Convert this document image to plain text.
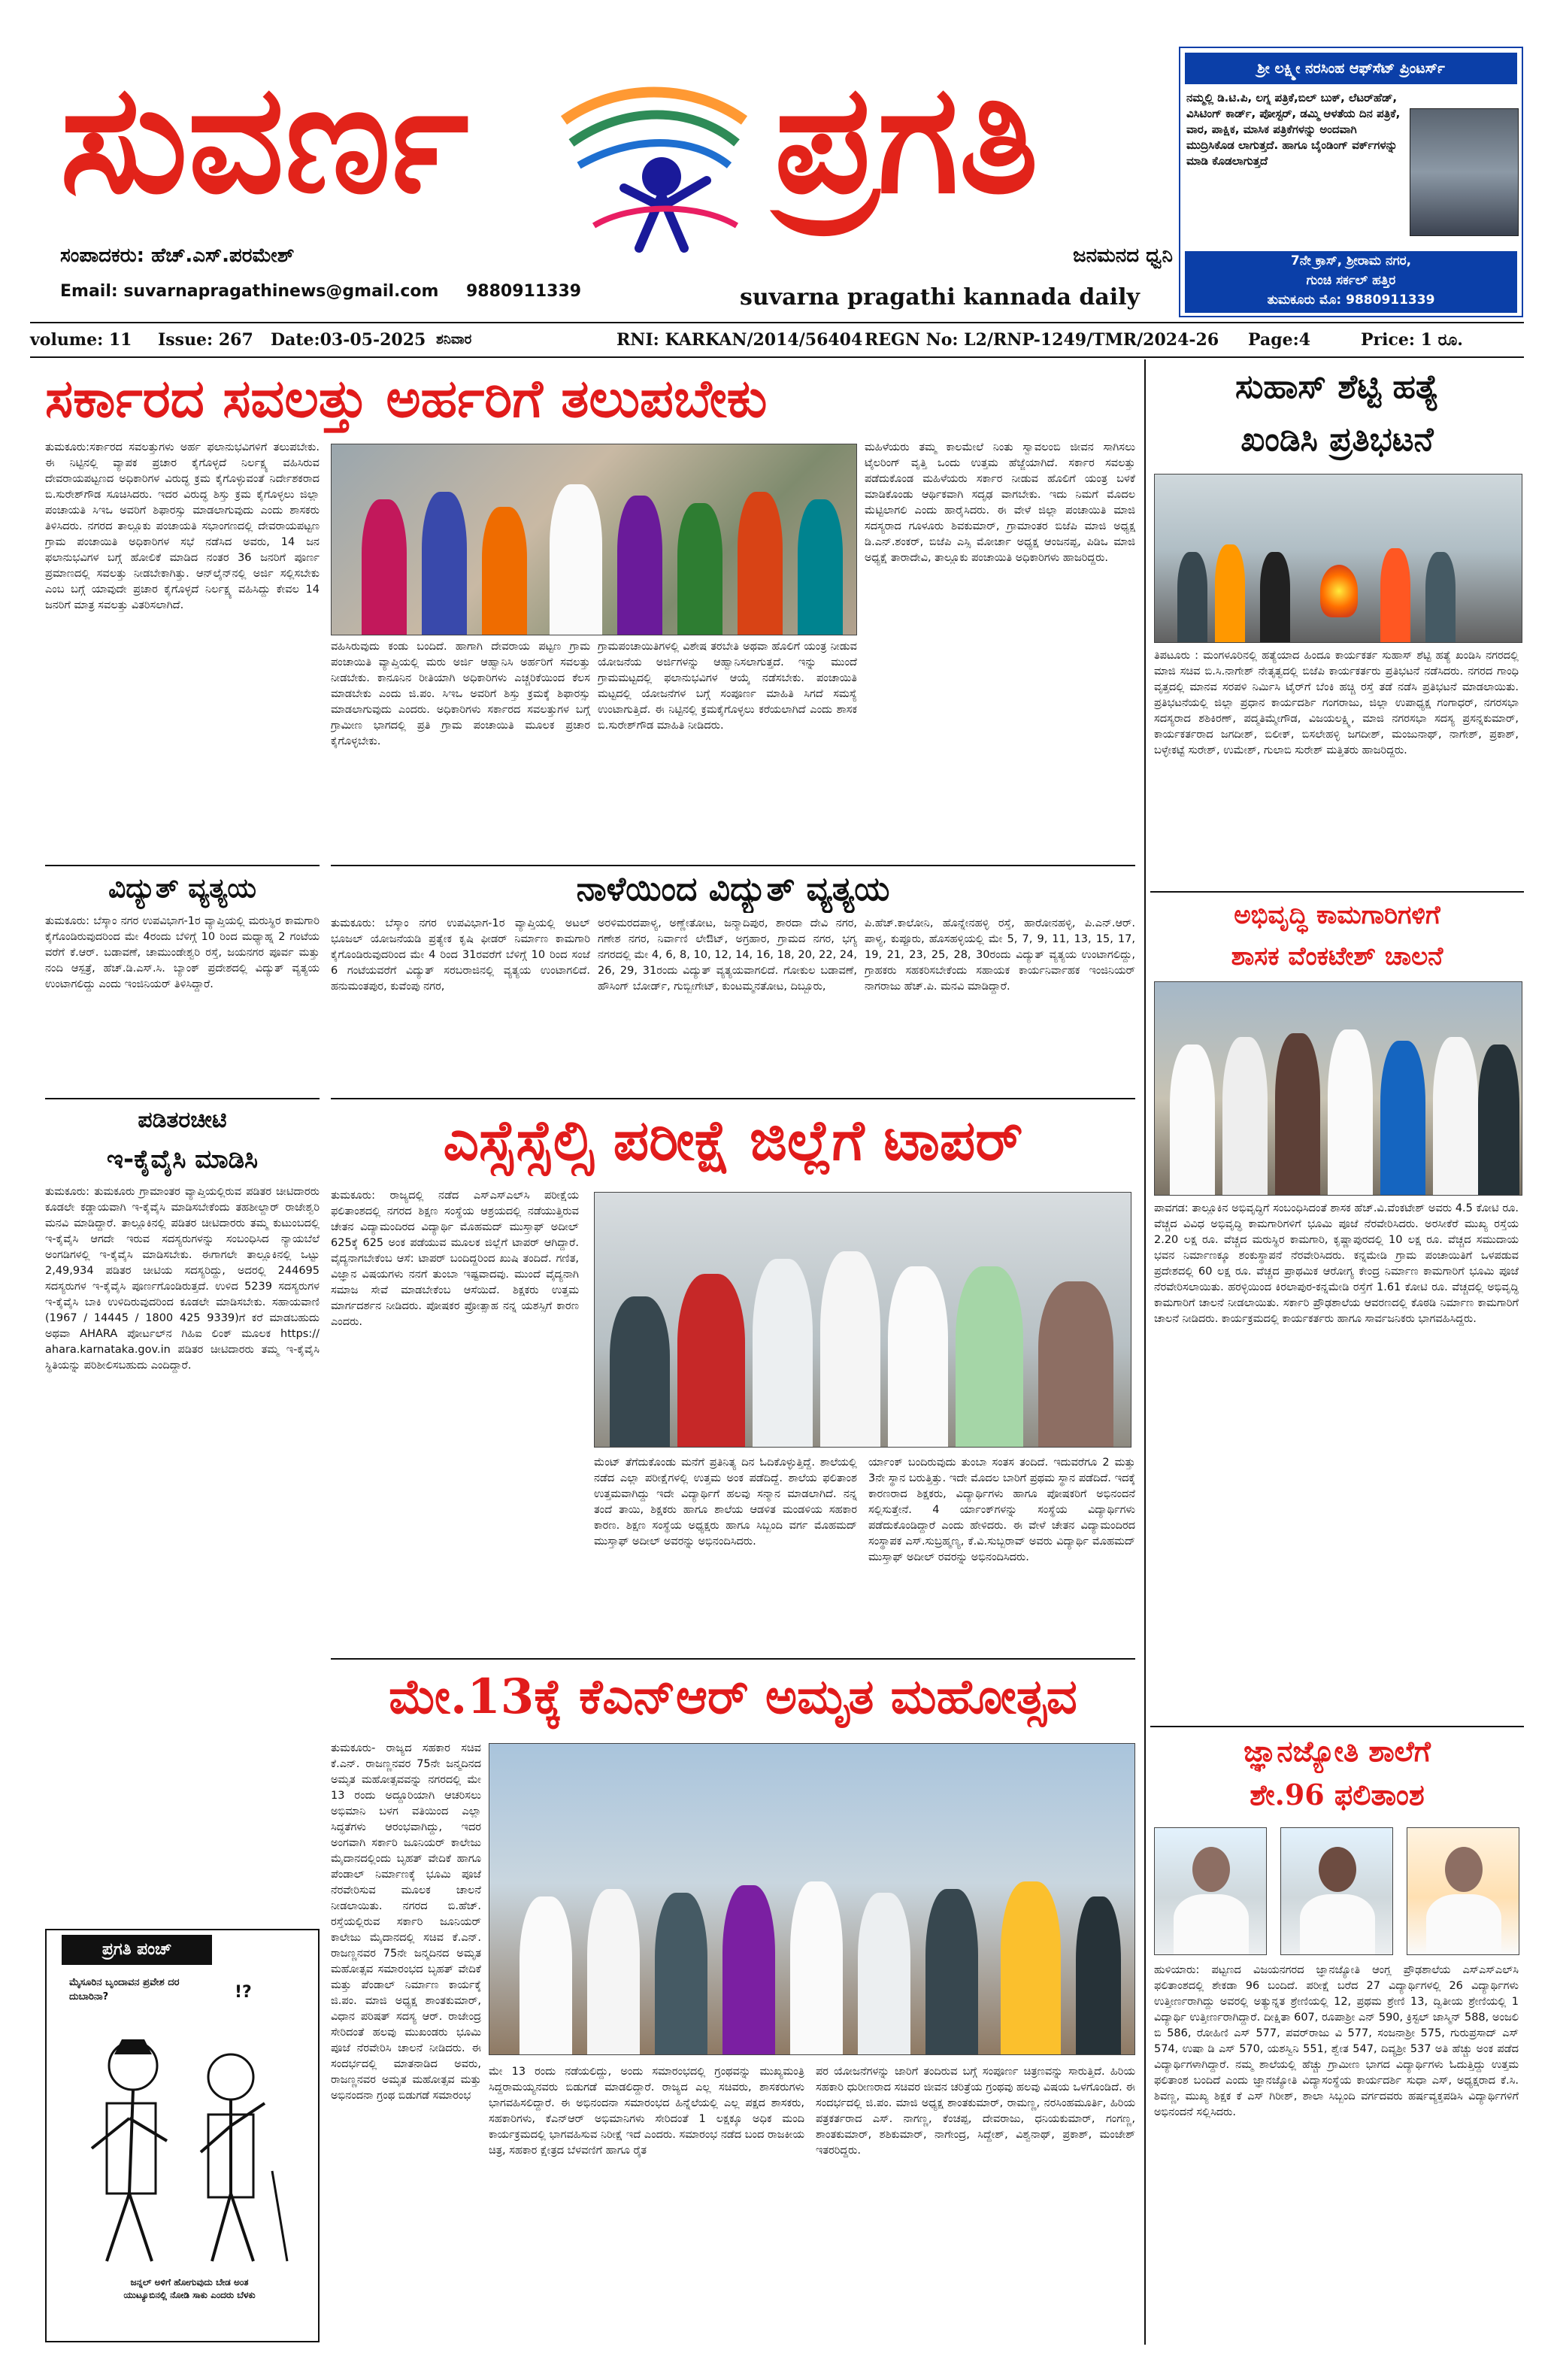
ಸುವರ್ಣ	ಪ್ರಗತಿ
ಸಂಪಾದಕರು: ಹೆಚ್.ಎಸ್.ಪರಮೇಶ್	ಜನಮನದ ಧ್ವನಿ
Email: suvarnapragathinews@gmail.com	9880911339	suvarna pragathi kannada daily
ಶ್ರೀ ಲಕ್ಷ್ಮೀ ನರಸಿಂಹ ಆಫ್‌ಸೆಟ್ ಪ್ರಿಂಟರ್ಸ್
ನಮ್ಮಲ್ಲಿ ಡಿ.ಟಿ.ಪಿ, ಲಗ್ನ ಪತ್ರಿಕೆ,ಬಿಲ್ ಬುಕ್, ಲೆಟರ್‌ಹೆಡ್, ವಿಸಿಟಿಂಗ್ ಕಾರ್ಡ್, ಪೋಸ್ಟರ್, ಡಮ್ಮಿ ಆಳತೆಯ ದಿನ ಪತ್ರಿಕೆ, ವಾರ, ಪಾಕ್ಷಿಕ, ಮಾಸಿಕ ಪತ್ರಿಕೆಗಳನ್ನು ಅಂದವಾಗಿ ಮುದ್ರಿಸಿಕೊಡ ಲಾಗುತ್ತದೆ. ಹಾಗೂ ಬೈಂಡಿಂಗ್ ವರ್ಕ್‌ಗಳನ್ನು ಮಾಡಿ ಕೊಡಲಾಗುತ್ತದೆ
7ನೇ ಕ್ರಾಸ್, ಶ್ರೀರಾಮ ನಗರ,
ಗುಂಚಿ ಸರ್ಕಲ್ ಹತ್ತಿರ
ತುಮಕೂರು ಮೊ: 9880911339
volume: 11 Issue: 267 Date:03-05-2025 ಶನಿವಾರ	RNI: KARKAN/2014/56404 REGN No: L2/RNP-1249/TMR/2024-26 Page:4	Price: 1 ರೂ.
ಸರ್ಕಾರದ ಸವಲತ್ತು ಅರ್ಹರಿಗೆ ತಲುಪಬೇಕು
ತುಮಕೂರು:ಸರ್ಕಾರದ ಸವಲತ್ತುಗಳು ಅರ್ಹ ಫಲಾನುಭವಿಗಳಿಗೆ ತಲುಪಬೇಕು. ಈ ನಿಟ್ಟಿನಲ್ಲಿ ವ್ಯಾಪಕ ಪ್ರಚಾರ ಕೈಗೊಳ್ಳದೆ ನಿರ್ಲಕ್ಷ್ಯ ವಹಿಸಿರುವ ದೇವರಾಯಪಟ್ಟಣದ ಅಧಿಕಾರಿಗಳ ವಿರುದ್ಧ ಕ್ರಮ ಕೈಗೊಳ್ಳುವಂತೆ ನಿರ್ದೇಶಕರಾದ ಬಿ.ಸುರೇಶ್‌ಗೌಡ ಸೂಚಿಸಿದರು. ಇದರ ವಿರುದ್ಧ ಶಿಸ್ತು ಕ್ರಮ ಕೈಗೊಳ್ಳಲು ಜಿಲ್ಲಾ ಪಂಚಾಯತಿ ಸಿಇಒ ಅವರಿಗೆ ಶಿಫಾರಸ್ಸು ಮಾಡಲಾಗುವುದು ಎಂದು ಶಾಸಕರು ತಿಳಿಸಿದರು. ನಗರದ ತಾಲ್ಲೂಕು ಪಂಚಾಯತಿ ಸಭಾಂಗಣದಲ್ಲಿ ದೇವರಾಯಪಟ್ಟಣ ಗ್ರಾಮ ಪಂಚಾಯಿತಿ ಅಧಿಕಾರಿಗಳ ಸಭೆ ನಡೆಸಿದ ಅವರು, 14 ಜನ ಫಲಾನುಭವಿಗಳ ಬಗ್ಗೆ ಹೋಲಿಕೆ ಮಾಡಿದ ನಂತರ 36 ಜನರಿಗೆ ಪೂರ್ಣ ಪ್ರಮಾಣದಲ್ಲಿ ಸವಲತ್ತು ನೀಡಬೇಕಾಗಿತ್ತು. ಆನ್‌ಲೈನ್‌ನಲ್ಲಿ ಅರ್ಜಿ ಸಲ್ಲಿಸಬೇಕು ಎಂಬ ಬಗ್ಗೆ ಯಾವುದೇ ಪ್ರಚಾರ ಕೈಗೊಳ್ಳದೆ ನಿರ್ಲಕ್ಷ್ಯ ವಹಿಸಿದ್ದು ಕೇವಲ 14 ಜನರಿಗೆ ಮಾತ್ರ ಸವಲತ್ತು ವಿತರಿಸಲಾಗಿದೆ.
ವಹಿಸಿರುವುದು ಕಂಡು ಬಂದಿದೆ. ಹಾಗಾಗಿ ದೇವರಾಯ ಪಟ್ಟಣ ಗ್ರಾಮ ಪಂಚಾಯಿತಿ ವ್ಯಾಪ್ತಿಯಲ್ಲಿ ಮರು ಅರ್ಜಿ ಆಹ್ವಾನಿಸಿ ಅರ್ಹರಿಗೆ ಸವಲತ್ತು ನೀಡಬೇಕು. ಕಾನೂನಿನ ರೀತಿಯಾಗಿ ಅಧಿಕಾರಿಗಳು ಎಚ್ಚರಿಕೆಯಿಂದ ಕೆಲಸ ಮಾಡಬೇಕು ಎಂದು ಜಿ.ಪಂ. ಸಿಇಒ ಅವರಿಗೆ ಶಿಸ್ತು ಕ್ರಮಕ್ಕೆ ಶಿಫಾರಸ್ಸು ಮಾಡಲಾಗುವುದು ಎಂದರು. ಅಧಿಕಾರಿಗಳು ಸರ್ಕಾರದ ಸವಲತ್ತುಗಳ ಬಗ್ಗೆ ಗ್ರಾಮೀಣ ಭಾಗದಲ್ಲಿ ಪ್ರತಿ ಗ್ರಾಮ ಪಂಚಾಯಿತಿ ಮೂಲಕ ಪ್ರಚಾರ ಕೈಗೊಳ್ಳಬೇಕು.
ಗ್ರಾಮಪಂಚಾಯಿತಿಗಳಲ್ಲಿ ವಿಶೇಷ ತರಬೇತಿ ಅಥವಾ ಹೊಲಿಗೆ ಯಂತ್ರ ನೀಡುವ ಯೋಜನೆಯ ಅರ್ಜಿಗಳನ್ನು ಆಹ್ವಾನಿಸಲಾಗುತ್ತದೆ. ಇನ್ನು ಮುಂದೆ ಗ್ರಾಮಮಟ್ಟದಲ್ಲಿ ಫಲಾನುಭವಿಗಳ ಆಯ್ಕೆ ನಡೆಸಬೇಕು. ಪಂಚಾಯಿತಿ ಮಟ್ಟದಲ್ಲಿ ಯೋಜನೆಗಳ ಬಗ್ಗೆ ಸಂಪೂರ್ಣ ಮಾಹಿತಿ ಸಿಗದೆ ಸಮಸ್ಯೆ ಉಂಟಾಗುತ್ತಿದೆ. ಈ ನಿಟ್ಟಿನಲ್ಲಿ ಕ್ರಮಕೈಗೊಳ್ಳಲು ಕರೆಯಲಾಗಿದೆ ಎಂದು ಶಾಸಕ ಬಿ.ಸುರೇಶ್‌ಗೌಡ ಮಾಹಿತಿ ನೀಡಿದರು.
ಮಹಿಳೆಯರು ತಮ್ಮ ಕಾಲಮೇಲೆ ನಿಂತು ಸ್ವಾವಲಂಬಿ ಜೀವನ ಸಾಗಿಸಲು ಟೈಲರಿಂಗ್ ವೃತ್ತಿ ಒಂದು ಉತ್ತಮ ಹೆಜ್ಜೆಯಾಗಿದೆ. ಸರ್ಕಾರ ಸವಲತ್ತು ಪಡೆದುಕೊಂಡ ಮಹಿಳೆಯರು ಸರ್ಕಾರ ನೀಡುವ ಹೊಲಿಗೆ ಯಂತ್ರ ಬಳಕೆ ಮಾಡಿಕೊಂಡು ಆರ್ಥಿಕವಾಗಿ ಸದೃಢ ವಾಗಬೇಕು. ಇದು ನಿಮಗೆ ಮೊದಲ ಮೆಟ್ಟಿಲಾಗಲಿ ಎಂದು ಹಾರೈಸಿದರು. ಈ ವೇಳೆ ಜಿಲ್ಲಾ ಪಂಚಾಯಿತಿ ಮಾಜಿ ಸದಸ್ಯರಾದ ಗೂಳೂರು ಶಿವಕುಮಾರ್, ಗ್ರಾಮಾಂತರ ಬಿಜೆಪಿ ಮಾಜಿ ಅಧ್ಯಕ್ಷ ಡಿ.ಎನ್.ಶಂಕರ್, ಬಿಜೆಪಿ ಎಸ್ಸಿ ಮೋರ್ಚಾ ಅಧ್ಯಕ್ಷ ಆಂಜನಪ್ಪ, ಪಿಡಿಒ ಮಾಜಿ ಅಧ್ಯಕ್ಷೆ ತಾರಾದೇವಿ, ತಾಲ್ಲೂಕು ಪಂಚಾಯಿತಿ ಅಧಿಕಾರಿಗಳು ಹಾಜರಿದ್ದರು.
ವಿದ್ಯುತ್ ವ್ಯತ್ಯಯ
ತುಮಕೂರು: ಬೆಸ್ಕಾಂ ನಗರ ಉಪವಿಭಾಗ-1ರ ವ್ಯಾಪ್ತಿಯಲ್ಲಿ ಮರುಸ್ಥಿರ ಕಾಮಗಾರಿ ಕೈಗೊಂಡಿರುವುದರಿಂದ ಮೇ 4ರಂದು ಬೆಳಿಗ್ಗೆ 10 ರಿಂದ ಮಧ್ಯಾಹ್ನ 2 ಗಂಟೆಯ ವರೆಗೆ ಕೆ.ಆರ್. ಬಡಾವಣೆ, ಚಾಮುಂಡೇಶ್ವರಿ ರಸ್ತೆ, ಜಯನಗರ ಪೂರ್ವ ಮತ್ತು ನಂದಿ ಆಸ್ಪತ್ರೆ, ಹೆಚ್.ಡಿ.ಎಸ್.ಸಿ. ಬ್ಯಾಂಕ್ ಪ್ರದೇಶದಲ್ಲಿ ವಿದ್ಯುತ್ ವ್ಯತ್ಯಯ ಉಂಟಾಗಲಿದ್ದು ಎಂದು ಇಂಜಿನಿಯರ್ ತಿಳಿಸಿದ್ದಾರೆ.
ನಾಳೆಯಿಂದ ವಿದ್ಯುತ್ ವ್ಯತ್ಯಯ
ತುಮಕೂರು: ಬೆಸ್ಕಾಂ ನಗರ ಉಪವಿಭಾಗ-1ರ ವ್ಯಾಪ್ತಿಯಲ್ಲಿ ಅಟಲ್ ಭೂಜಲ್ ಯೋಜನೆಯಡಿ ಪ್ರತ್ಯೇಕ ಕೃಷಿ ಫೀಡರ್ ನಿರ್ಮಾಣ ಕಾಮಗಾರಿ ಕೈಗೊಂಡಿರುವುದರಿಂದ ಮೇ 4 ರಿಂದ 31ರವರೆಗೆ ಬೆಳಿಗ್ಗೆ 10 ರಿಂದ ಸಂಜೆ 6 ಗಂಟೆಯವರೆಗೆ ವಿದ್ಯುತ್ ಸರಬರಾಜಿನಲ್ಲಿ ವ್ಯತ್ಯಯ ಉಂಟಾಗಲಿದೆ. ಹನುಮಂತಪುರ, ಕುವೆಂಪು ನಗರ,
ಅರಳಿಮರದಪಾಳ್ಯ, ಅಣ್ಣೇತೋಟ, ಜನ್ಮಾದಿಪುರ, ಶಾರದಾ ದೇವಿ ನಗರ, ಗಣೇಶ ನಗರ, ನಿರ್ವಾಣಿ ಲೇಔಟ್, ಅಗ್ರಹಾರ, ಗ್ರಾಮದ ನಗರ, ಭಗ್ಯ ನಗರದಲ್ಲಿ ಮೇ 4, 6, 8, 10, 12, 14, 16, 18, 20, 22, 24, 26, 29, 31ರಂದು ವಿದ್ಯುತ್ ವ್ಯತ್ಯಯವಾಗಲಿದೆ. ಗೋಕುಲ ಬಡಾವಣೆ, ಹೌಸಿಂಗ್ ಬೋರ್ಡ್, ಗುಬ್ಬೀಗೇಟ್, ಕುಂಟಮ್ಮನತೋಟ, ದಿಬ್ಬೂರು,
ಪಿ.ಹೆಚ್.ಕಾಲೋನಿ, ಹೊನ್ನೇನಹಳ್ಳಿ ರಸ್ತೆ, ಹಾರೋನಹಳ್ಳಿ, ಪಿ.ಎನ್.ಆರ್. ಪಾಳ್ಯ, ಕುಪ್ಪೂರು, ಹೊಸಹಳ್ಳಿಯಲ್ಲಿ ಮೇ 5, 7, 9, 11, 13, 15, 17, 19, 21, 23, 25, 28, 30ರಂದು ವಿದ್ಯುತ್ ವ್ಯತ್ಯಯ ಉಂಟಾಗಲಿದ್ದು, ಗ್ರಾಹಕರು ಸಹಕರಿಸಬೇಕೆಂದು ಸಹಾಯಕ ಕಾರ್ಯನಿರ್ವಾಹಕ ಇಂಜಿನಿಯರ್ ನಾಗರಾಜು ಹೆಚ್.ಪಿ. ಮನವಿ ಮಾಡಿದ್ದಾರೆ.
ಪಡಿತರಚೀಟಿ
ಇ-ಕೈವೈಸಿ ಮಾಡಿಸಿ
ತುಮಕೂರು: ತುಮಕೂರು ಗ್ರಾಮಾಂತರ ವ್ಯಾಪ್ತಿಯಲ್ಲಿರುವ ಪಡಿತರ ಚೀಟಿದಾರರು ಕೂಡಲೇ ಕಡ್ಡಾಯವಾಗಿ ಇ-ಕೈವೈಸಿ ಮಾಡಿಸಬೇಕೆಂದು ತಹಶೀಲ್ದಾರ್ ರಾಜೇಶ್ವರಿ ಮನವಿ ಮಾಡಿದ್ದಾರೆ. ತಾಲ್ಲೂಕಿನಲ್ಲಿ ಪಡಿತರ ಚೀಟಿದಾರರು ತಮ್ಮ ಕುಟುಂಬದಲ್ಲಿ ಇ-ಕೈವೈಸಿ ಆಗದೇ ಇರುವ ಸದಸ್ಯರುಗಳನ್ನು ಸಂಬಂಧಿಸಿದ ನ್ಯಾಯಬೆಲೆ ಅಂಗಡಿಗಳಲ್ಲಿ ಇ-ಕೈವೈಸಿ ಮಾಡಿಸಬೇಕು. ಈಗಾಗಲೇ ತಾಲ್ಲೂಕಿನಲ್ಲಿ ಒಟ್ಟು 2,49,934 ಪಡಿತರ ಚೀಟಿಯ ಸದಸ್ಯರಿದ್ದು, ಅದರಲ್ಲಿ 244695 ಸದಸ್ಯರುಗಳ ಇ-ಕೈವೈಸಿ ಪೂರ್ಣಗೊಂಡಿರುತ್ತದೆ. ಉಳಿದ 5239 ಸದಸ್ಯರುಗಳ ಇ-ಕೈವೈಸಿ ಬಾಕಿ ಉಳಿದಿರುವುದರಿಂದ ಕೂಡಲೇ ಮಾಡಿಸಬೇಕು. ಸಹಾಯವಾಣಿ (1967 / 14445 / 1800 425 9339)ಗೆ ಕರೆ ಮಾಡಬಹುದು ಅಥವಾ AHARA ಪೋರ್ಟಲ್‌ನ ಗಿಹಿಐ ಲಿಂಕ್ ಮೂಲಕ https:// ahara.karnataka.gov.in ಪಡಿತರ ಚೀಟಿದಾರರು ತಮ್ಮ ಇ-ಕೈವೈಸಿ ಸ್ಥಿತಿಯನ್ನು ಪರಿಶೀಲಿಸಬಹುದು ಎಂದಿದ್ದಾರೆ.
ಎಸ್ಸೆಸ್ಸೆಲ್ಸಿ ಪರೀಕ್ಷೆ ಜಿಲ್ಲೆಗೆ ಟಾಪರ್
ತುಮಕೂರು: ರಾಜ್ಯದಲ್ಲಿ ನಡೆದ ಎಸ್‌ಎಸ್‌ಎಲ್‌ಸಿ ಪರೀಕ್ಷೆಯ ಫಲಿತಾಂಶದಲ್ಲಿ ನಗರದ ಶಿಕ್ಷಣ ಸಂಸ್ಥೆಯ ಆಶ್ರಯದಲ್ಲಿ ನಡೆಯುತ್ತಿರುವ ಚೇತನ ವಿದ್ಯಾಮಂದಿರದ ವಿದ್ಯಾರ್ಥಿ ಮೊಹಮದ್ ಮುಸ್ತಾಫ್ ಅದೀಲ್ 625ಕ್ಕೆ 625 ಅಂಕ ಪಡೆಯುವ ಮೂಲಕ ಜಿಲ್ಲೆಗೆ ಟಾಪರ್ ಆಗಿದ್ದಾರೆ. ವೈದ್ಯನಾಗಬೇಕೆಂಬ ಆಸೆ: ಟಾಪರ್ ಬಂದಿದ್ದರಿಂದ ಖುಷಿ ತಂದಿದೆ. ಗಣಿತ, ವಿಜ್ಞಾನ ವಿಷಯಗಳು ನನಗೆ ತುಂಬಾ ಇಷ್ಟವಾದವು. ಮುಂದೆ ವೈದ್ಯನಾಗಿ ಸಮಾಜ ಸೇವೆ ಮಾಡಬೇಕೆಂಬ ಆಸೆಯಿದೆ. ಶಿಕ್ಷಕರು ಉತ್ತಮ ಮಾರ್ಗದರ್ಶನ ನೀಡಿದರು. ಪೋಷಕರ ಪ್ರೋತ್ಸಾಹ ನನ್ನ ಯಶಸ್ಸಿಗೆ ಕಾರಣ ಎಂದರು.
ಮೆಂಟ್ ತೆಗೆದುಕೊಂಡು ಮನೆಗೆ ಪ್ರತಿನಿತ್ಯ ದಿನ ಓದಿಕೊಳ್ಳುತ್ತಿದ್ದೆ. ಶಾಲೆಯಲ್ಲಿ ನಡೆದ ಎಲ್ಲಾ ಪರೀಕ್ಷೆಗಳಲ್ಲಿ ಉತ್ತಮ ಅಂಕ ಪಡೆದಿದ್ದೆ. ಶಾಲೆಯ ಫಲಿತಾಂಶ ಉತ್ತಮವಾಗಿದ್ದು ಇದೇ ವಿದ್ಯಾರ್ಥಿಗೆ ಹಲವು ಸನ್ಮಾನ ಮಾಡಲಾಗಿದೆ. ನನ್ನ ತಂದೆ ತಾಯಿ, ಶಿಕ್ಷಕರು ಹಾಗೂ ಶಾಲೆಯ ಆಡಳಿತ ಮಂಡಳಿಯ ಸಹಕಾರ ಕಾರಣ. ಶಿಕ್ಷಣ ಸಂಸ್ಥೆಯ ಅಧ್ಯಕ್ಷರು ಹಾಗೂ ಸಿಬ್ಬಂದಿ ವರ್ಗ ಮೊಹಮದ್ ಮುಸ್ತಾಫ್ ಅದೀಲ್ ಅವರನ್ನು ಅಭಿನಂದಿಸಿದರು.
ರ್ಯಾಂಕ್ ಬಂದಿರುವುದು ತುಂಬಾ ಸಂತಸ ತಂದಿದೆ. ಇದುವರೆಗೂ 2 ಮತ್ತು 3ನೇ ಸ್ಥಾನ ಬರುತ್ತಿತ್ತು. ಇದೇ ಮೊದಲ ಬಾರಿಗೆ ಪ್ರಥಮ ಸ್ಥಾನ ಪಡೆದಿದೆ. ಇದಕ್ಕೆ ಕಾರಣರಾದ ಶಿಕ್ಷಕರು, ವಿದ್ಯಾರ್ಥಿಗಳು ಹಾಗೂ ಪೋಷಕರಿಗೆ ಅಭಿನಂದನೆ ಸಲ್ಲಿಸುತ್ತೇನೆ. 4 ರ್ಯಾಂಕ್‌ಗಳನ್ನು ಸಂಸ್ಥೆಯ ವಿದ್ಯಾರ್ಥಿಗಳು ಪಡೆದುಕೊಂಡಿದ್ದಾರೆ ಎಂದು ಹೇಳಿದರು. ಈ ವೇಳೆ ಚೇತನ ವಿದ್ಯಾಮಂದಿರದ ಸಂಸ್ಥಾಪಕ ಎಸ್.ಸುಬ್ರಹ್ಮಣ್ಯ, ಕೆ.ವಿ.ಸುಬ್ಬರಾವ್ ಅವರು ವಿದ್ಯಾರ್ಥಿ ಮೊಹಮದ್ ಮುಸ್ತಾಫ್ ಅದೀಲ್ ರವರನ್ನು ಅಭಿನಂದಿಸಿದರು.
ಮೇ.13ಕ್ಕೆ ಕೆಎನ್‌ಆರ್ ಅಮೃತ ಮಹೋತ್ಸವ
ತುಮಕೂರು- ರಾಜ್ಯದ ಸಹಕಾರ ಸಚಿವ ಕೆ.ಎನ್. ರಾಜಣ್ಣನವರ 75ನೇ ಜನ್ಮದಿನದ ಅಮೃತ ಮಹೋತ್ಸವವನ್ನು ನಗರದಲ್ಲಿ ಮೇ 13 ರಂದು ಅದ್ದೂರಿಯಾಗಿ ಆಚರಿಸಲು ಅಭಿಮಾನಿ ಬಳಗ ವತಿಯಿಂದ ಎಲ್ಲಾ ಸಿದ್ಧತೆಗಳು ಆರಂಭವಾಗಿದ್ದು, ಇದರ ಅಂಗವಾಗಿ ಸರ್ಕಾರಿ ಜೂನಿಯರ್ ಕಾಲೇಜು ಮೈದಾನದಲ್ಲಿಂದು ಬೃಹತ್ ವೇದಿಕೆ ಹಾಗೂ ಪೆಂಡಾಲ್ ನಿರ್ಮಾಣಕ್ಕೆ ಭೂಮಿ ಪೂಜೆ ನೆರವೇರಿಸುವ ಮೂಲಕ ಚಾಲನೆ ನೀಡಲಾಯಿತು. ನಗರದ ಬಿ.ಹೆಚ್. ರಸ್ತೆಯಲ್ಲಿರುವ ಸರ್ಕಾರಿ ಜೂನಿಯರ್ ಕಾಲೇಜು ಮೈದಾನದಲ್ಲಿ ಸಚಿವ ಕೆ.ಎನ್. ರಾಜಣ್ಣನವರ 75ನೇ ಜನ್ಮದಿನದ ಅಮೃತ ಮಹೋತ್ಸವ ಸಮಾರಂಭದ ಬೃಹತ್ ವೇದಿಕೆ ಮತ್ತು ಪೆಂಡಾಲ್ ನಿರ್ಮಾಣ ಕಾರ್ಯಕ್ಕೆ ಜಿ.ಪಂ. ಮಾಜಿ ಅಧ್ಯಕ್ಷ ಶಾಂತಕುಮಾರ್, ವಿಧಾನ ಪರಿಷತ್ ಸದಸ್ಯ ಆರ್. ರಾಜೇಂದ್ರ ಸೇರಿದಂತೆ ಹಲವು ಮುಖಂಡರು ಭೂಮಿ ಪೂಜೆ ನೆರವೇರಿಸಿ ಚಾಲನೆ ನೀಡಿದರು. ಈ ಸಂದರ್ಭದಲ್ಲಿ ಮಾತನಾಡಿದ ಅವರು, ರಾಜಣ್ಣನವರ ಅಮೃತ ಮಹೋತ್ಸವ ಮತ್ತು ಅಭಿನಂದನಾ ಗ್ರಂಥ ಬಿಡುಗಡೆ ಸಮಾರಂಭ
ಮೇ 13 ರಂದು ನಡೆಯಲಿದ್ದು, ಅಂದು ಸಮಾರಂಭದಲ್ಲಿ ಗ್ರಂಥವನ್ನು ಮುಖ್ಯಮಂತ್ರಿ ಸಿದ್ದರಾಮಯ್ಯನವರು ಬಿಡುಗಡೆ ಮಾಡಲಿದ್ದಾರೆ. ರಾಜ್ಯದ ಎಲ್ಲ ಸಚಿವರು, ಶಾಸಕರುಗಳು ಭಾಗವಹಿಸಲಿದ್ದಾರೆ. ಈ ಅಭಿನಂದನಾ ಸಮಾರಂಭದ ಹಿನ್ನೆಲೆಯಲ್ಲಿ ಎಲ್ಲ ಪಕ್ಷದ ಶಾಸಕರು, ಸಹಕಾರಿಗಳು, ಕೆಎನ್‌ಆರ್ ಅಭಿಮಾನಿಗಳು ಸೇರಿದಂತೆ 1 ಲಕ್ಷಕ್ಕೂ ಅಧಿಕ ಮಂದಿ ಕಾರ್ಯಕ್ರಮದಲ್ಲಿ ಭಾಗವಹಿಸುವ ನಿರೀಕ್ಷೆ ಇದೆ ಎಂದರು. ಸಮಾರಂಭ ನಡೆದ ಬಂದ ರಾಜಕೀಯ ಚಿತ್ರ, ಸಹಕಾರ ಕ್ಷೇತ್ರದ ಬೆಳವಣಿಗೆ ಹಾಗೂ ರೈತ
ಪರ ಯೋಜನೆಗಳನ್ನು ಜಾರಿಗೆ ತಂದಿರುವ ಬಗ್ಗೆ ಸಂಪೂರ್ಣ ಚಿತ್ರಣವನ್ನು ಸಾರುತ್ತಿದೆ. ಹಿರಿಯ ಸಹಕಾರಿ ಧುರೀಣರಾದ ಸಚಿವರ ಜೀವನ ಚರಿತ್ರೆಯ ಗ್ರಂಥವು ಹಲವು ವಿಷಯ ಒಳಗೊಂಡಿದೆ. ಈ ಸಂದರ್ಭದಲ್ಲಿ ಜಿ.ಪಂ. ಮಾಜಿ ಅಧ್ಯಕ್ಷ ಶಾಂತಕುಮಾರ್, ರಾಮಣ್ಣ, ನರಸಿಂಹಮೂರ್ತಿ, ಹಿರಿಯ ಪತ್ರಕರ್ತರಾದ ಎಸ್. ನಾಗಣ್ಣ, ಕೆಂಚಪ್ಪ, ದೇವರಾಜು, ಧನಿಯಕುಮಾರ್, ಗಂಗಣ್ಣ, ಶಾಂತಕುಮಾರ್, ಶಶಿಕುಮಾರ್, ನಾಗೇಂದ್ರ, ಸಿದ್ದೇಶ್, ವಿಶ್ವನಾಥ್, ಪ್ರಕಾಶ್, ಮಂಜೇಶ್ ಇತರರಿದ್ದರು.
ಪ್ರಗತಿ ಪಂಚ್
ಮೈಸೂರಿನ ಬೃಂದಾವನ ಪ್ರವೇಶ ದರ ದುಬಾರಿನಾ?	!?
ಜನ್ನಲ್ ಅಳಿಗೆ ಹೋಗುವುದು ಬೇಡ ಅಂತ ಯುಟ್ಯೂಬಿನಲ್ಲಿ ನೋಡಿ ಸಾಕು ಎಂದರು ಬೆಳಕು
ಸುಹಾಸ್ ಶೆಟ್ಟಿ ಹತ್ಯೆ
ಖಂಡಿಸಿ ಪ್ರತಿಭಟನೆ
ತಿಪಟೂರು : ಮಂಗಳೂರಿನಲ್ಲಿ ಹತ್ಯೆಯಾದ ಹಿಂದೂ ಕಾರ್ಯಕರ್ತ ಸುಹಾಸ್ ಶೆಟ್ಟಿ ಹತ್ಯೆ ಖಂಡಿಸಿ ನಗರದಲ್ಲಿ ಮಾಜಿ ಸಚಿವ ಬಿ.ಸಿ.ನಾಗೇಶ್ ನೇತೃತ್ವದಲ್ಲಿ ಬಿಜೆಪಿ ಕಾರ್ಯಕರ್ತರು ಪ್ರತಿಭಟನೆ ನಡೆಸಿದರು. ನಗರದ ಗಾಂಧಿ ವೃತ್ತದಲ್ಲಿ ಮಾನವ ಸರಪಳಿ ನಿರ್ಮಿಸಿ ಟೈರ್‌ಗೆ ಬೆಂಕಿ ಹಚ್ಚಿ ರಸ್ತೆ ತಡೆ ನಡೆಸಿ ಪ್ರತಿಭಟನೆ ಮಾಡಲಾಯಿತು. ಪ್ರತಿಭಟನೆಯಲ್ಲಿ ಜಿಲ್ಲಾ ಪ್ರಧಾನ ಕಾರ್ಯದರ್ಶಿ ಗಂಗರಾಜು, ಜಿಲ್ಲಾ ಉಪಾಧ್ಯಕ್ಷ ಗಂಗಾಧರ್, ನಗರಸಭಾ ಸದಸ್ಯರಾದ ಶಶಿಕಿರಣ್, ಪದ್ಮತಿಮ್ಮೇಗೌಡ, ವಿಜಯಲಕ್ಷ್ಮಿ, ಮಾಜಿ ನಗರಸಭಾ ಸದಸ್ಯ ಪ್ರಸನ್ನಕುಮಾರ್, ಕಾರ್ಯಕರ್ತರಾದ ಜಗದೀಶ್, ಬಿಲೀಕ್, ಬಿಸಲೇಹಳ್ಳಿ ಜಗದೀಶ್, ಮಂಜುನಾಥ್, ನಾಗೇಶ್, ಪ್ರಕಾಶ್, ಬಳ್ಳೇಕಟ್ಟೆ ಸುರೇಶ್, ಉಮೇಶ್, ಗುಲಾಬಿ ಸುರೇಶ್ ಮತ್ತಿತರು ಹಾಜರಿದ್ದರು.
ಅಭಿವೃದ್ಧಿ ಕಾಮಗಾರಿಗಳಿಗೆ
ಶಾಸಕ ವೆಂಕಟೇಶ್ ಚಾಲನೆ
ಪಾವಗಡ: ತಾಲ್ಲೂಕಿನ ಅಭಿವೃದ್ಧಿಗೆ ಸಂಬಂಧಿಸಿದಂತೆ ಶಾಸಕ ಹೆಚ್.ವಿ.ವೆಂಕಟೇಶ್ ಅವರು 4.5 ಕೋಟಿ ರೂ. ವೆಚ್ಚದ ವಿವಿಧ ಅಭಿವೃದ್ಧಿ ಕಾಮಗಾರಿಗಳಿಗೆ ಭೂಮಿ ಪೂಜೆ ನೆರವೇರಿಸಿದರು. ಅರಸೀಕೆರೆ ಮುಖ್ಯ ರಸ್ತೆಯ 2.20 ಲಕ್ಷ ರೂ. ವೆಚ್ಚದ ಮರುಸ್ಥಿರ ಕಾಮಗಾರಿ, ಕೃಷ್ಣಾಪುರದಲ್ಲಿ 10 ಲಕ್ಷ ರೂ. ವೆಚ್ಚದ ಸಮುದಾಯ ಭವನ ನಿರ್ಮಾಣಕ್ಕೂ ಶಂಕುಸ್ಥಾಪನೆ ನೆರವೇರಿಸಿದರು. ಕನ್ನಮೇಡಿ ಗ್ರಾಮ ಪಂಚಾಯಿತಿಗೆ ಒಳಪಡುವ ಪ್ರದೇಶದಲ್ಲಿ 60 ಲಕ್ಷ ರೂ. ವೆಚ್ಚದ ಪ್ರಾಥಮಿಕ ಆರೋಗ್ಯ ಕೇಂದ್ರ ನಿರ್ಮಾಣ ಕಾಮಗಾರಿಗೆ ಭೂಮಿ ಪೂಜೆ ನೆರವೇರಿಸಲಾಯಿತು. ಹರಳ್ಳಿಯಿಂದ ಕಿರಲಾಪುರ-ಕನ್ನಮೇಡಿ ರಸ್ತೆಗೆ 1.61 ಕೋಟಿ ರೂ. ವೆಚ್ಚದಲ್ಲಿ ಅಭಿವೃದ್ಧಿ ಕಾಮಗಾರಿಗೆ ಚಾಲನೆ ನೀಡಲಾಯಿತು. ಸರ್ಕಾರಿ ಪ್ರೌಢಶಾಲೆಯ ಆವರಣದಲ್ಲಿ ಕೊಠಡಿ ನಿರ್ಮಾಣ ಕಾಮಗಾರಿಗೆ ಚಾಲನೆ ನೀಡಿದರು. ಕಾರ್ಯಕ್ರಮದಲ್ಲಿ ಕಾರ್ಯಕರ್ತರು ಹಾಗೂ ಸಾರ್ವಜನಿಕರು ಭಾಗವಹಿಸಿದ್ದರು.
ಜ್ಞಾನಜ್ಯೋತಿ ಶಾಲೆಗೆ
ಶೇ.96 ಫಲಿತಾಂಶ
ಹುಳಿಯಾರು: ಪಟ್ಟಣದ ವಿಜಯನಗರದ ಜ್ಞಾನಜ್ಯೋತಿ ಆಂಗ್ಲ ಪ್ರೌಢಶಾಲೆಯ ಎಸ್‌ಎಸ್‌ಎಲ್‌ಸಿ ಫಲಿತಾಂಶದಲ್ಲಿ ಶೇಕಡಾ 96 ಬಂದಿದೆ. ಪರೀಕ್ಷೆ ಬರೆದ 27 ವಿದ್ಯಾರ್ಥಿಗಳಲ್ಲಿ 26 ವಿದ್ಯಾರ್ಥಿಗಳು ಉತ್ತೀರ್ಣರಾಗಿದ್ದು ಅವರಲ್ಲಿ ಅತ್ಯುನ್ನತ ಶ್ರೇಣಿಯಲ್ಲಿ 12, ಪ್ರಥಮ ಶ್ರೇಣಿ 13, ದ್ವಿತೀಯ ಶ್ರೇಣಿಯಲ್ಲಿ 1 ವಿದ್ಯಾರ್ಥಿ ಉತ್ತೀರ್ಣರಾಗಿದ್ದಾರೆ. ದೀಕ್ಷಿತಾ 607, ರೂಪಾಶ್ರೀ ಎನ್ 590, ಕ್ರಿಸ್ಟಲ್ ಜಾಸ್ಮಿನ್ 588, ಅಂಜಲಿ ಬಿ 586, ರೋಹಿಣಿ ಎಸ್ 577, ಪವರ್‌ರಾಜು ವಿ 577, ಸಂಜನಾಶ್ರೀ 575, ಗುರುಪ್ರಸಾದ್ ಎಸ್ 574, ಉಷಾ ಡಿ ಎಸ್ 570, ಯಶಸ್ವಿನಿ 551, ಶ್ವೇತ 547, ದಿವ್ಯಶ್ರೀ 537 ಅತಿ ಹೆಚ್ಚು ಅಂಕ ಪಡೆದ ವಿದ್ಯಾರ್ಥಿಗಳಾಗಿದ್ದಾರೆ. ನಮ್ಮ ಶಾಲೆಯಲ್ಲಿ ಹೆಚ್ಚು ಗ್ರಾಮೀಣ ಭಾಗದ ವಿದ್ಯಾರ್ಥಿಗಳು ಓದುತ್ತಿದ್ದು ಉತ್ತಮ ಫಲಿತಾಂಶ ಬಂದಿದೆ ಎಂದು ಜ್ಞಾನಜ್ಯೋತಿ ವಿದ್ಯಾಸಂಸ್ಥೆಯ ಕಾರ್ಯದರ್ಶಿ ಸುಧಾ ಎಸ್, ಅಧ್ಯಕ್ಷರಾದ ಕೆ.ಸಿ. ಶಿವಣ್ಣ, ಮುಖ್ಯ ಶಿಕ್ಷಕ ಕೆ ಎಸ್ ಗಿರೀಶ್, ಶಾಲಾ ಸಿಬ್ಬಂದಿ ವರ್ಗದವರು ಹರ್ಷವ್ಯಕ್ತಪಡಿಸಿ ವಿದ್ಯಾರ್ಥಿಗಳಿಗೆ ಅಭಿನಂದನೆ ಸಲ್ಲಿಸಿದರು.
